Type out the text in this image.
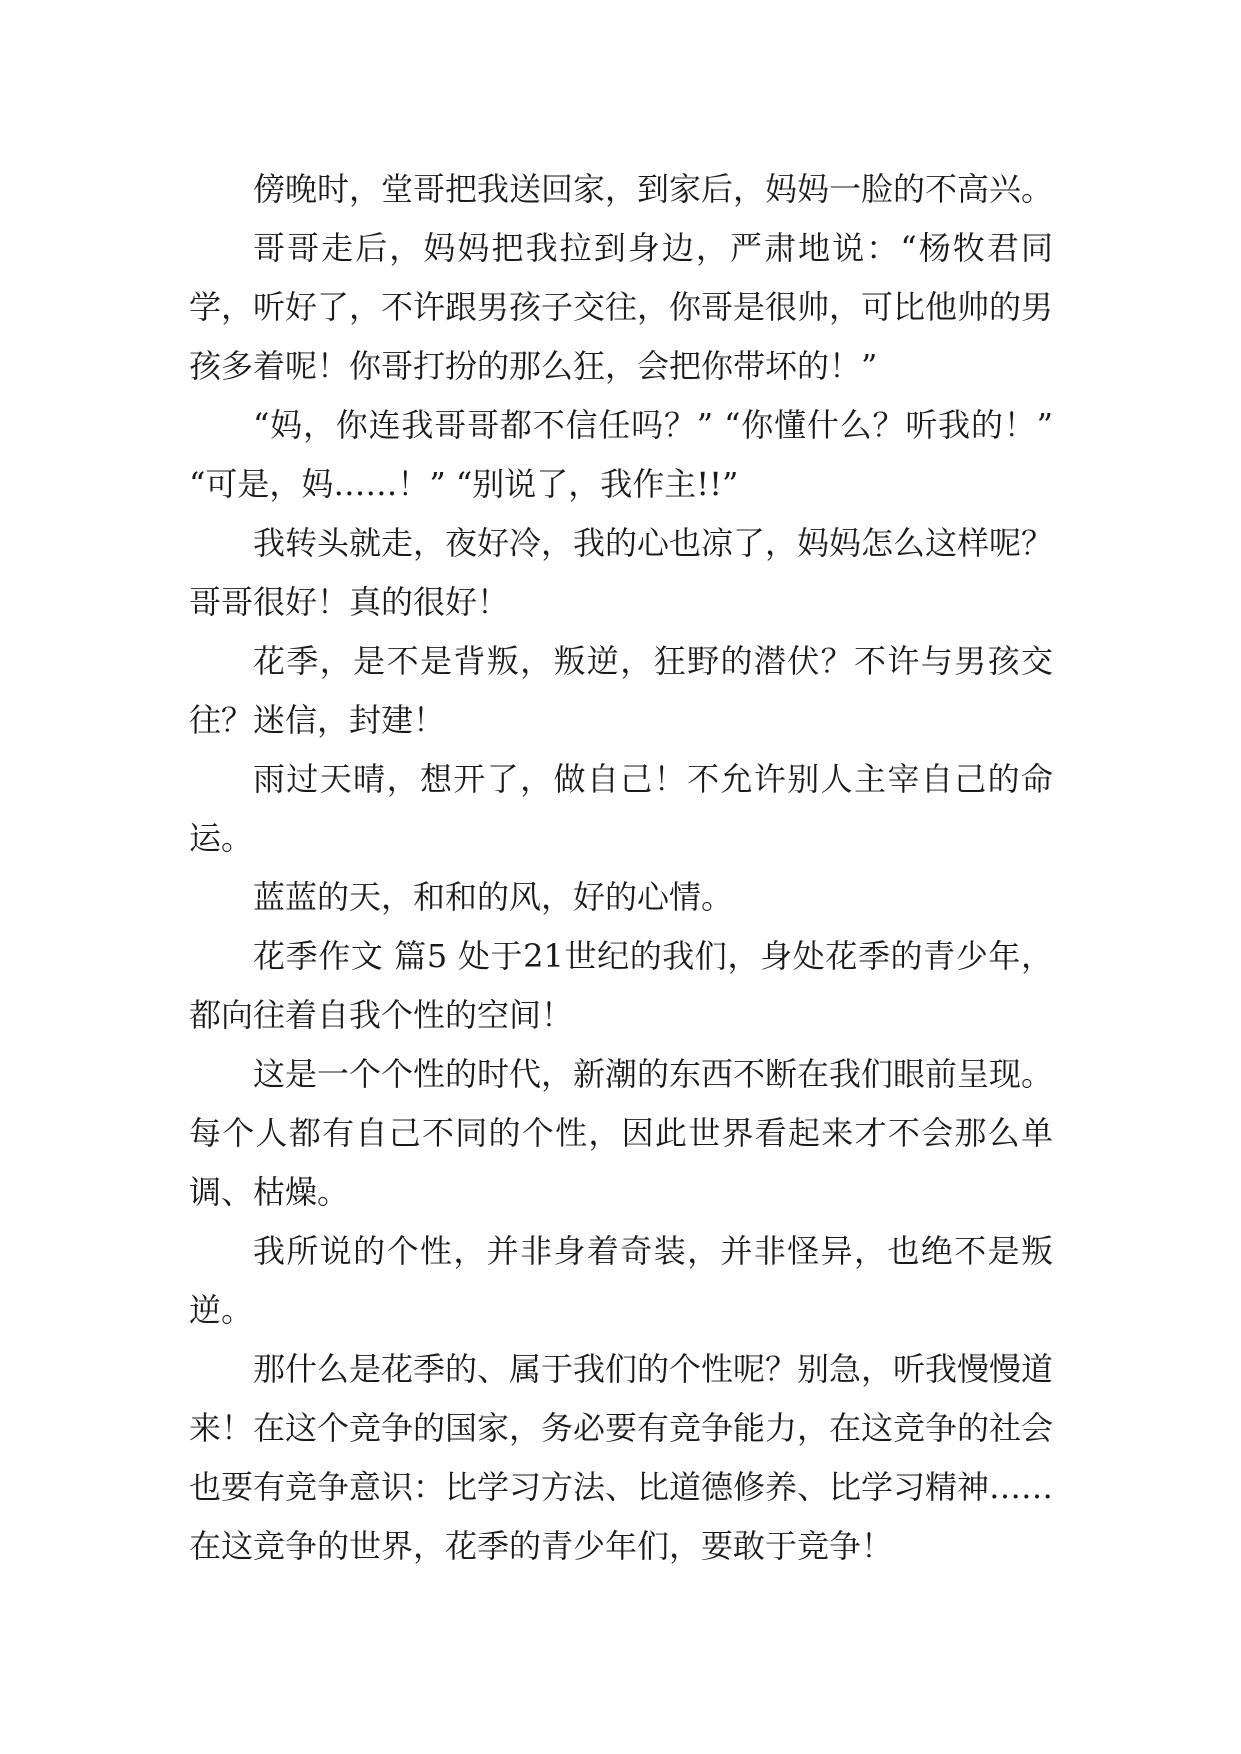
傍晚时，堂哥把我送回家，到家后，妈妈一脸的不高兴。

哥哥走后，妈妈把我拉到身边，严肃地说：“杨牧君同学，听好了，不许跟男孩子交往，你哥是很帅，可比他帅的男孩多着呢！你哥打扮的那么狂，会把你带坏的！”

“妈，你连我哥哥都不信任吗？” “你懂什么？听我的！” “可是，妈……！” “别说了，我作主!!”

我转头就走，夜好冷，我的心也凉了，妈妈怎么这样呢？哥哥很好！真的很好！

花季，是不是背叛，叛逆，狂野的潜伏？不许与男孩交往？迷信，封建！

雨过天晴，想开了，做自己！不允许别人主宰自己的命运。

蓝蓝的天，和和的风，好的心情。

花季作文 篇5 处于21世纪的我们，身处花季的青少年，都向往着自我个性的空间！

这是一个个性的时代，新潮的东西不断在我们眼前呈现。每个人都有自己不同的个性，因此世界看起来才不会那么单调、枯燥。

我所说的个性，并非身着奇装，并非怪异，也绝不是叛逆。

那什么是花季的、属于我们的个性呢？别急，听我慢慢道来！在这个竞争的国家，务必要有竞争能力，在这竞争的社会也要有竞争意识：比学习方法、比道德修养、比学习精神……在这竞争的世界，花季的青少年们，要敢于竞争！
